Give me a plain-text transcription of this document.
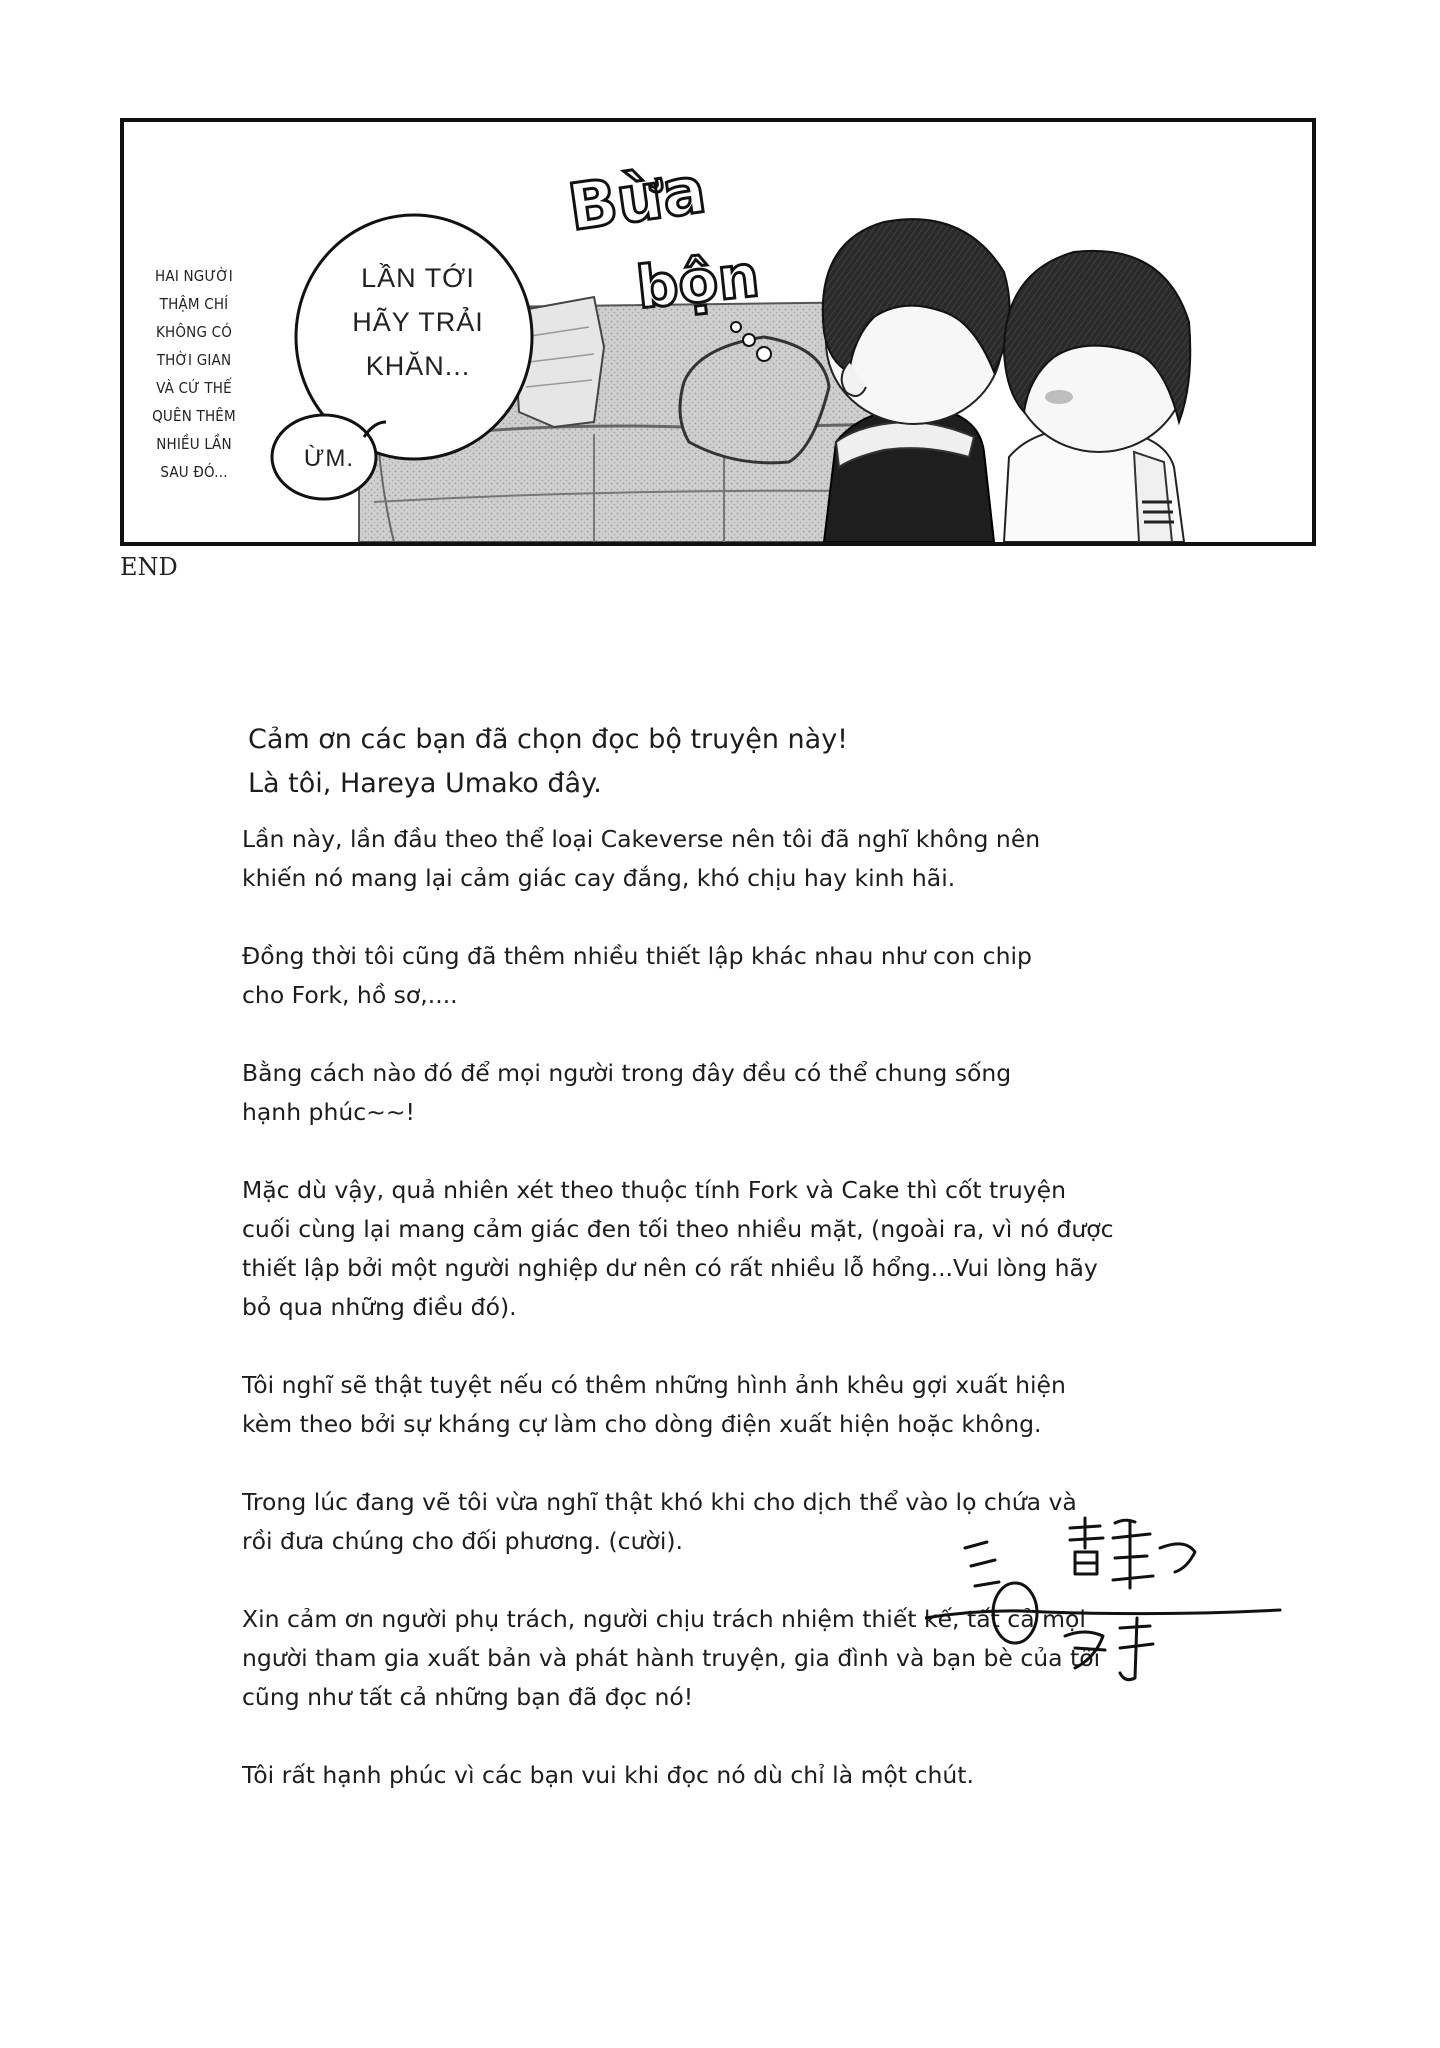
Bừa
bộn
HAI NGƯỜI
THẬM CHÍ
KHÔNG CÓ
THỜI GIAN
VÀ CỨ THẾ
QUÊN THÊM
NHIỀU LẦN
SAU ĐÓ...
LẦN TỚI
HÃY TRẢI
KHĂN...
ỪM.
END
Cảm ơn các bạn đã chọn đọc bộ truyện này!
Là tôi, Hareya Umako đây.
Lần này, lần đầu theo thể loại Cakeverse nên tôi đã nghĩ không nên
khiến nó mang lại cảm giác cay đắng, khó chịu hay kinh hãi.
Đồng thời tôi cũng đã thêm nhiều thiết lập khác nhau như con chip
cho Fork, hồ sơ,....
Bằng cách nào đó để mọi người trong đây đều có thể chung sống
hạnh phúc~~!
Mặc dù vậy, quả nhiên xét theo thuộc tính Fork và Cake thì cốt truyện
cuối cùng lại mang cảm giác đen tối theo nhiều mặt, (ngoài ra, vì nó được
thiết lập bởi một người nghiệp dư nên có rất nhiều lỗ hổng...Vui lòng hãy
bỏ qua những điều đó).
Tôi nghĩ sẽ thật tuyệt nếu có thêm những hình ảnh khêu gợi xuất hiện
kèm theo bởi sự kháng cự làm cho dòng điện xuất hiện hoặc không.
Trong lúc đang vẽ tôi vừa nghĩ thật khó khi cho dịch thể vào lọ chứa và
rồi đưa chúng cho đối phương. (cười).
Xin cảm ơn người phụ trách, người chịu trách nhiệm thiết kế, tất cả mọi
người tham gia xuất bản và phát hành truyện, gia đình và bạn bè của tôi
cũng như tất cả những bạn đã đọc nó!
Tôi rất hạnh phúc vì các bạn vui khi đọc nó dù chỉ là một chút.
